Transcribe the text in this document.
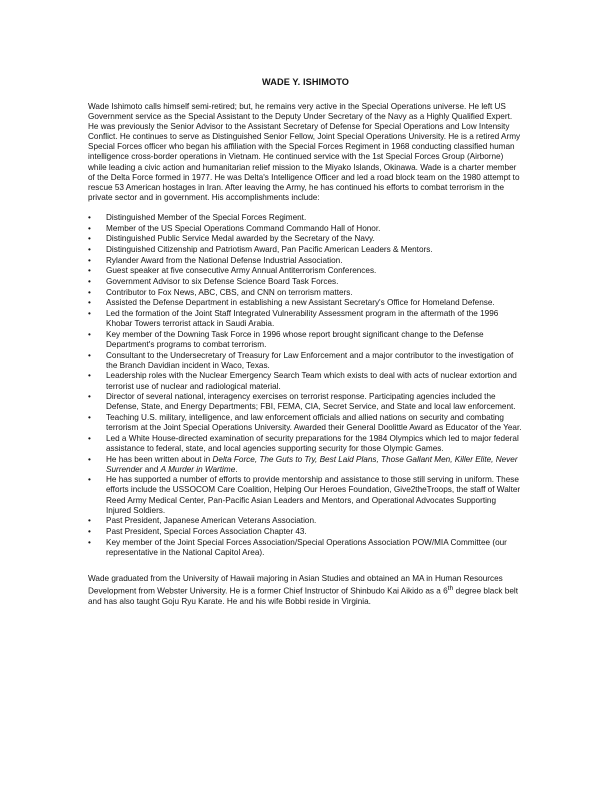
WADE Y. ISHIMOTO

Wade Ishimoto calls himself semi-retired; but, he remains very active in the Special Operations universe. He left US Government service as the Special Assistant to the Deputy Under Secretary of the Navy as a Highly Qualified Expert. He was previously the Senior Advisor to the Assistant Secretary of Defense for Special Operations and Low Intensity Conflict. He continues to serve as Distinguished Senior Fellow, Joint Special Operations University. He is a retired Army Special Forces officer who began his affiliation with the Special Forces Regiment in 1968 conducting classified human intelligence cross-border operations in Vietnam. He continued service with the 1st Special Forces Group (Airborne) while leading a civic action and humanitarian relief mission to the Miyako Islands, Okinawa. Wade is a charter member of the Delta Force formed in 1977. He was Delta's Intelligence Officer and led a road block team on the 1980 attempt to rescue 53 American hostages in Iran. After leaving the Army, he has continued his efforts to combat terrorism in the private sector and in government. His accomplishments include:

• Distinguished Member of the Special Forces Regiment.
• Member of the US Special Operations Command Commando Hall of Honor.
• Distinguished Public Service Medal awarded by the Secretary of the Navy.
• Distinguished Citizenship and Patriotism Award, Pan Pacific American Leaders & Mentors.
• Rylander Award from the National Defense Industrial Association.
• Guest speaker at five consecutive Army Annual Antiterrorism Conferences.
• Government Advisor to six Defense Science Board Task Forces.
• Contributor to Fox News, ABC, CBS, and CNN on terrorism matters.
• Assisted the Defense Department in establishing a new Assistant Secretary's Office for Homeland Defense.
• Led the formation of the Joint Staff Integrated Vulnerability Assessment program in the aftermath of the 1996 Khobar Towers terrorist attack in Saudi Arabia.
• Key member of the Downing Task Force in 1996 whose report brought significant change to the Defense Department's programs to combat terrorism.
• Consultant to the Undersecretary of Treasury for Law Enforcement and a major contributor to the investigation of the Branch Davidian incident in Waco, Texas.
• Leadership roles with the Nuclear Emergency Search Team which exists to deal with acts of nuclear extortion and terrorist use of nuclear and radiological material.
• Director of several national, interagency exercises on terrorist response. Participating agencies included the Defense, State, and Energy Departments; FBI, FEMA, CIA, Secret Service, and State and local law enforcement.
• Teaching U.S. military, intelligence, and law enforcement officials and allied nations on security and combating terrorism at the Joint Special Operations University. Awarded their General Doolittle Award as Educator of the Year.
• Led a White House-directed examination of security preparations for the 1984 Olympics which led to major federal assistance to federal, state, and local agencies supporting security for those Olympic Games.
• He has been written about in Delta Force, The Guts to Try, Best Laid Plans, Those Gallant Men, Killer Elite, Never Surrender and A Murder in Wartime.
• He has supported a number of efforts to provide mentorship and assistance to those still serving in uniform. These efforts include the USSOCOM Care Coalition, Helping Our Heroes Foundation, Give2theTroops, the staff of Walter Reed Army Medical Center, Pan-Pacific Asian Leaders and Mentors, and Operational Advocates Supporting Injured Soldiers.
• Past President, Japanese American Veterans Association.
• Past President, Special Forces Association Chapter 43.
• Key member of the Joint Special Forces Association/Special Operations Association POW/MIA Committee (our representative in the National Capitol Area).

Wade graduated from the University of Hawaii majoring in Asian Studies and obtained an MA in Human Resources Development from Webster University. He is a former Chief Instructor of Shinbudo Kai Aikido as a 6th degree black belt and has also taught Goju Ryu Karate. He and his wife Bobbi reside in Virginia.
